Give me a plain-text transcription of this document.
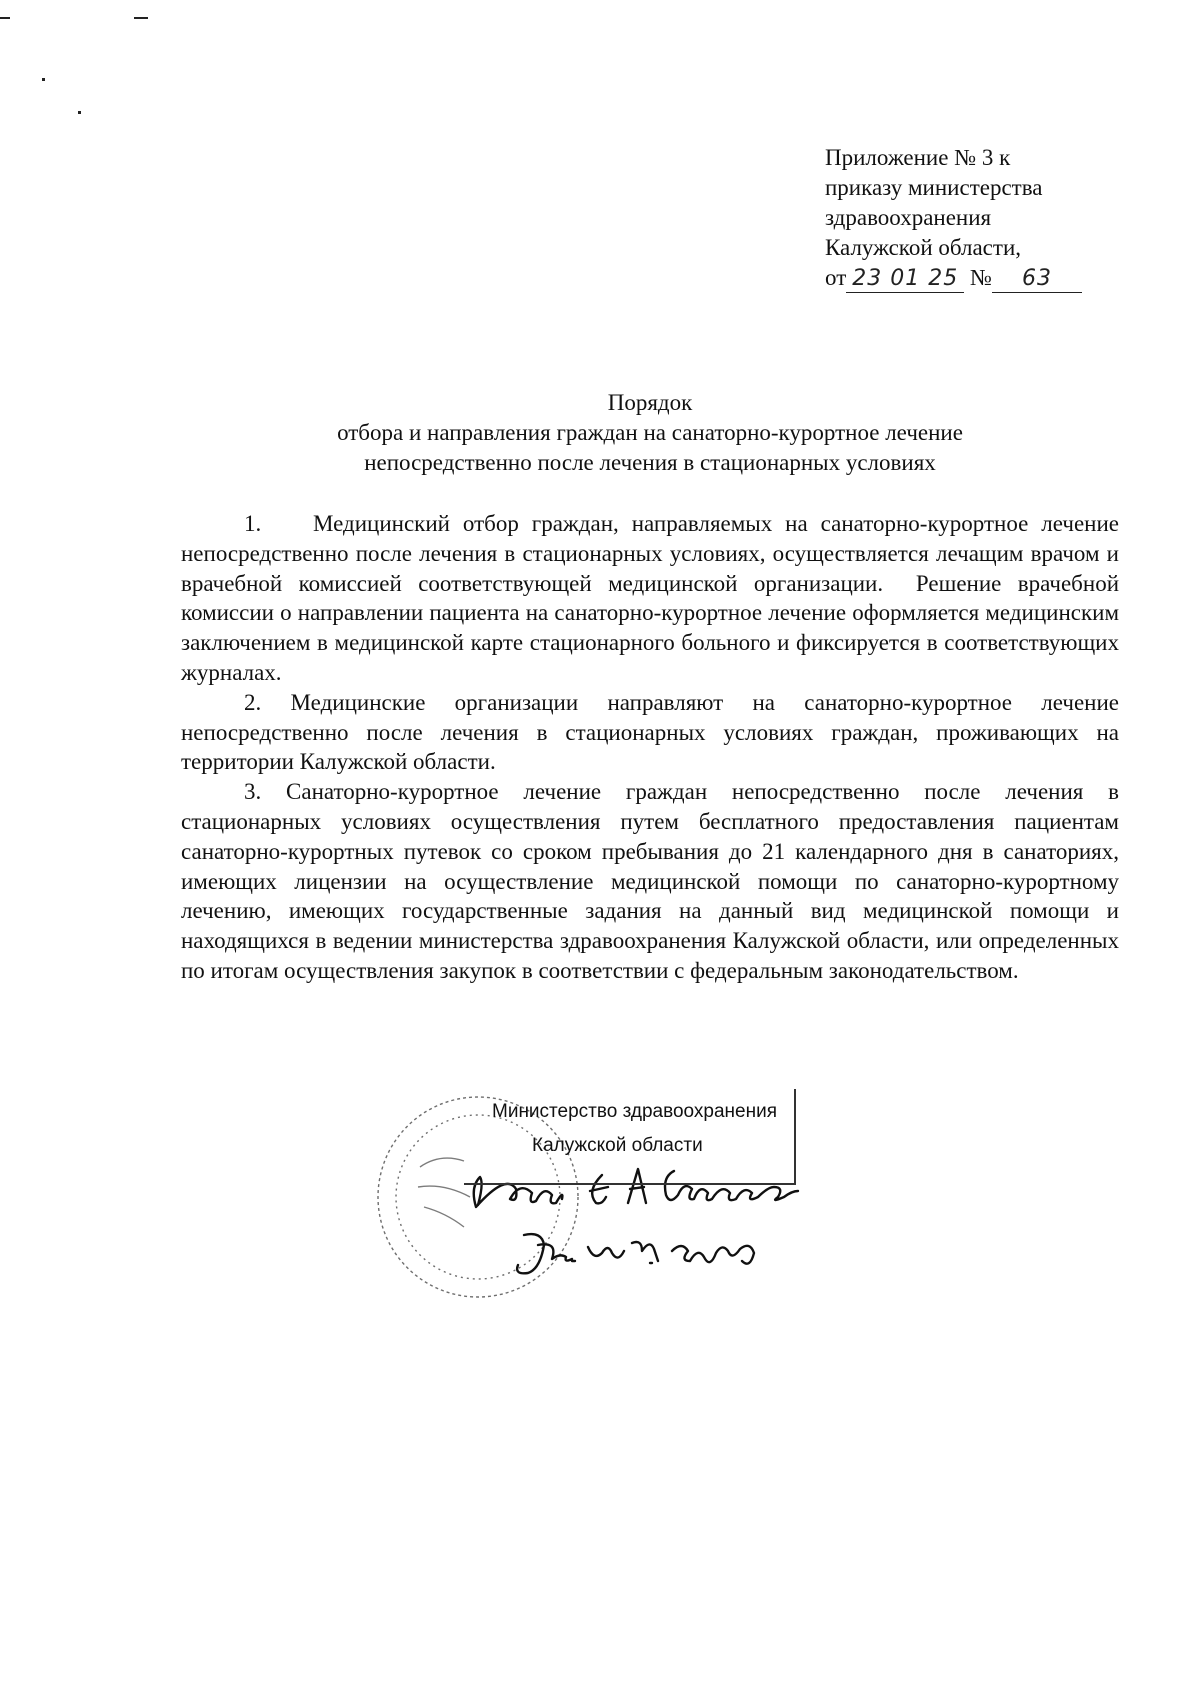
Приложение № 3 к
приказу министерства
здравоохранения
Калужской области,
от 23 01 25 № 63
Порядок
отбора и направления граждан на санаторно-курортное лечение
непосредственно после лечения в стационарных условиях

1.    Медицинский отбор граждан, направляемых на санаторно-курортное лечение непосредственно после лечения в стационарных условиях, осуществляется лечащим врачом и врачебной комиссией соответствующей медицинской организации.  Решение врачебной комиссии о направлении пациента на санаторно-курортное лечение оформляется медицинским заключением в медицинской карте стационарного больного и фиксируется в соответствующих журналах.

2. Медицинские организации направляют на санаторно-курортное лечение непосредственно после лечения в стационарных условиях граждан, проживающих на территории Калужской области.

3. Санаторно-курортное лечение граждан непосредственно после лечения в стационарных условиях осуществления путем бесплатного предоставления пациентам санаторно-курортных путевок со сроком пребывания до 21 календарного дня в санаториях, имеющих лицензии на осуществление медицинской помощи по санаторно-курортному лечению, имеющих государственные задания на данный вид медицинской помощи и находящихся в ведении министерства здравоохранения Калужской области, или определенных по итогам осуществления закупок в соответствии с федеральным законодательством.

Министерство здравоохранения
Калужской области
